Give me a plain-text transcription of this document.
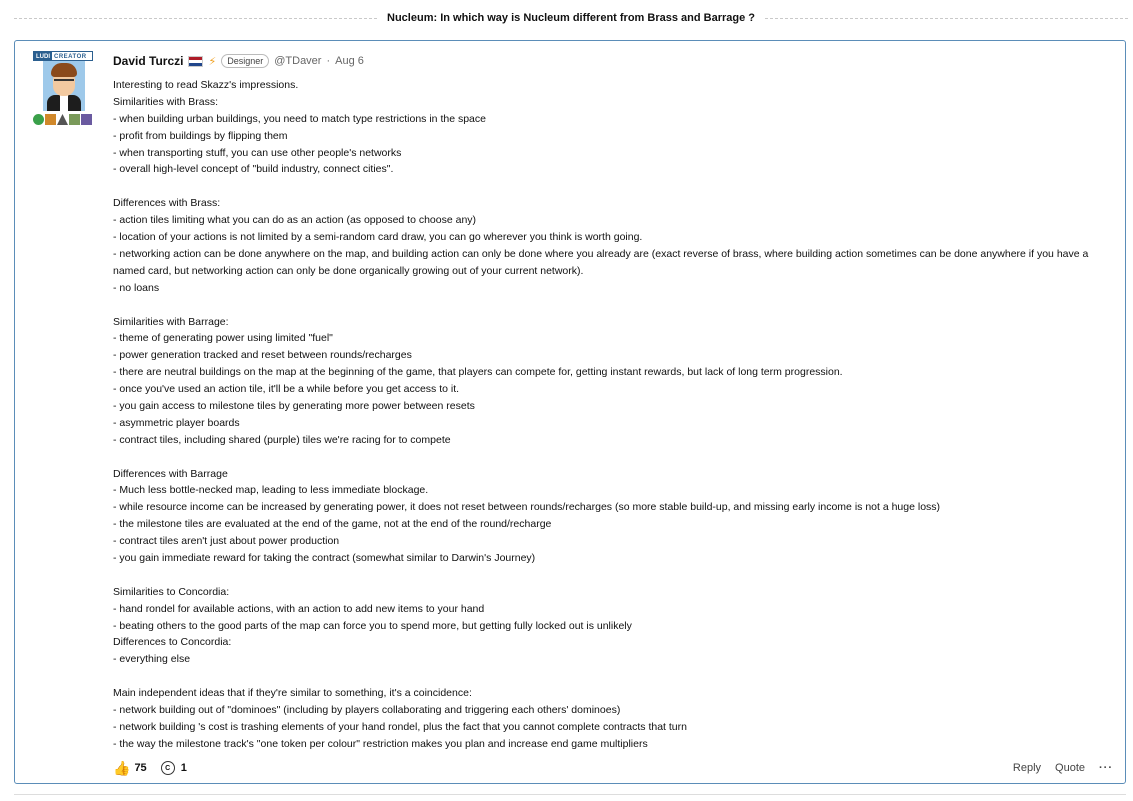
Nucleum: In which way is Nucleum different from Brass and Barrage ?
LUDI CREATOR David Turczi ⚡	Designer	@TDaver · Aug 6
Interesting to read Skazz's impressions.
Similarities with Brass:
- when building urban buildings, you need to match type restrictions in the space
- profit from buildings by flipping them
- when transporting stuff, you can use other people's networks
- overall high-level concept of "build industry, connect cities".
Differences with Brass:
- action tiles limiting what you can do as an action (as opposed to choose any)
- location of your actions is not limited by a semi-random card draw, you can go wherever you think is worth going.
- networking action can be done anywhere on the map, and building action can only be done where you already are (exact reverse of brass, where building action sometimes can be done anywhere if you have a named card, but networking action can only be done organically growing out of your current network).
- no loans
Similarities with Barrage:
- theme of generating power using limited "fuel"
- power generation tracked and reset between rounds/recharges
- there are neutral buildings on the map at the beginning of the game, that players can compete for, getting instant rewards, but lack of long term progression.
- once you've used an action tile, it'll be a while before you get access to it.
- you gain access to milestone tiles by generating more power between resets
- asymmetric player boards
- contract tiles, including shared (purple) tiles we're racing for to compete
Differences with Barrage
- Much less bottle-necked map, leading to less immediate blockage.
- while resource income can be increased by generating power, it does not reset between rounds/recharges (so more stable build-up, and missing early income is not a huge loss)
- the milestone tiles are evaluated at the end of the game, not at the end of the round/recharge
- contract tiles aren't just about power production
- you gain immediate reward for taking the contract (somewhat similar to Darwin's Journey)
Similarities to Concordia:
- hand rondel for available actions, with an action to add new items to your hand
- beating others to the good parts of the map can force you to spend more, but getting fully locked out is unlikely
Differences to Concordia:
- everything else
Main independent ideas that if they're similar to something, it's a coincidence:
- network building out of "dominoes" (including by players collaborating and triggering each others' dominoes)
- network building 's cost is trashing elements of your hand rondel, plus the fact that you cannot complete contracts that turn
- the way the milestone track's "one token per colour" restriction makes you plan and increase end game multipliers
👍 75	C 1	Reply Quote ···
